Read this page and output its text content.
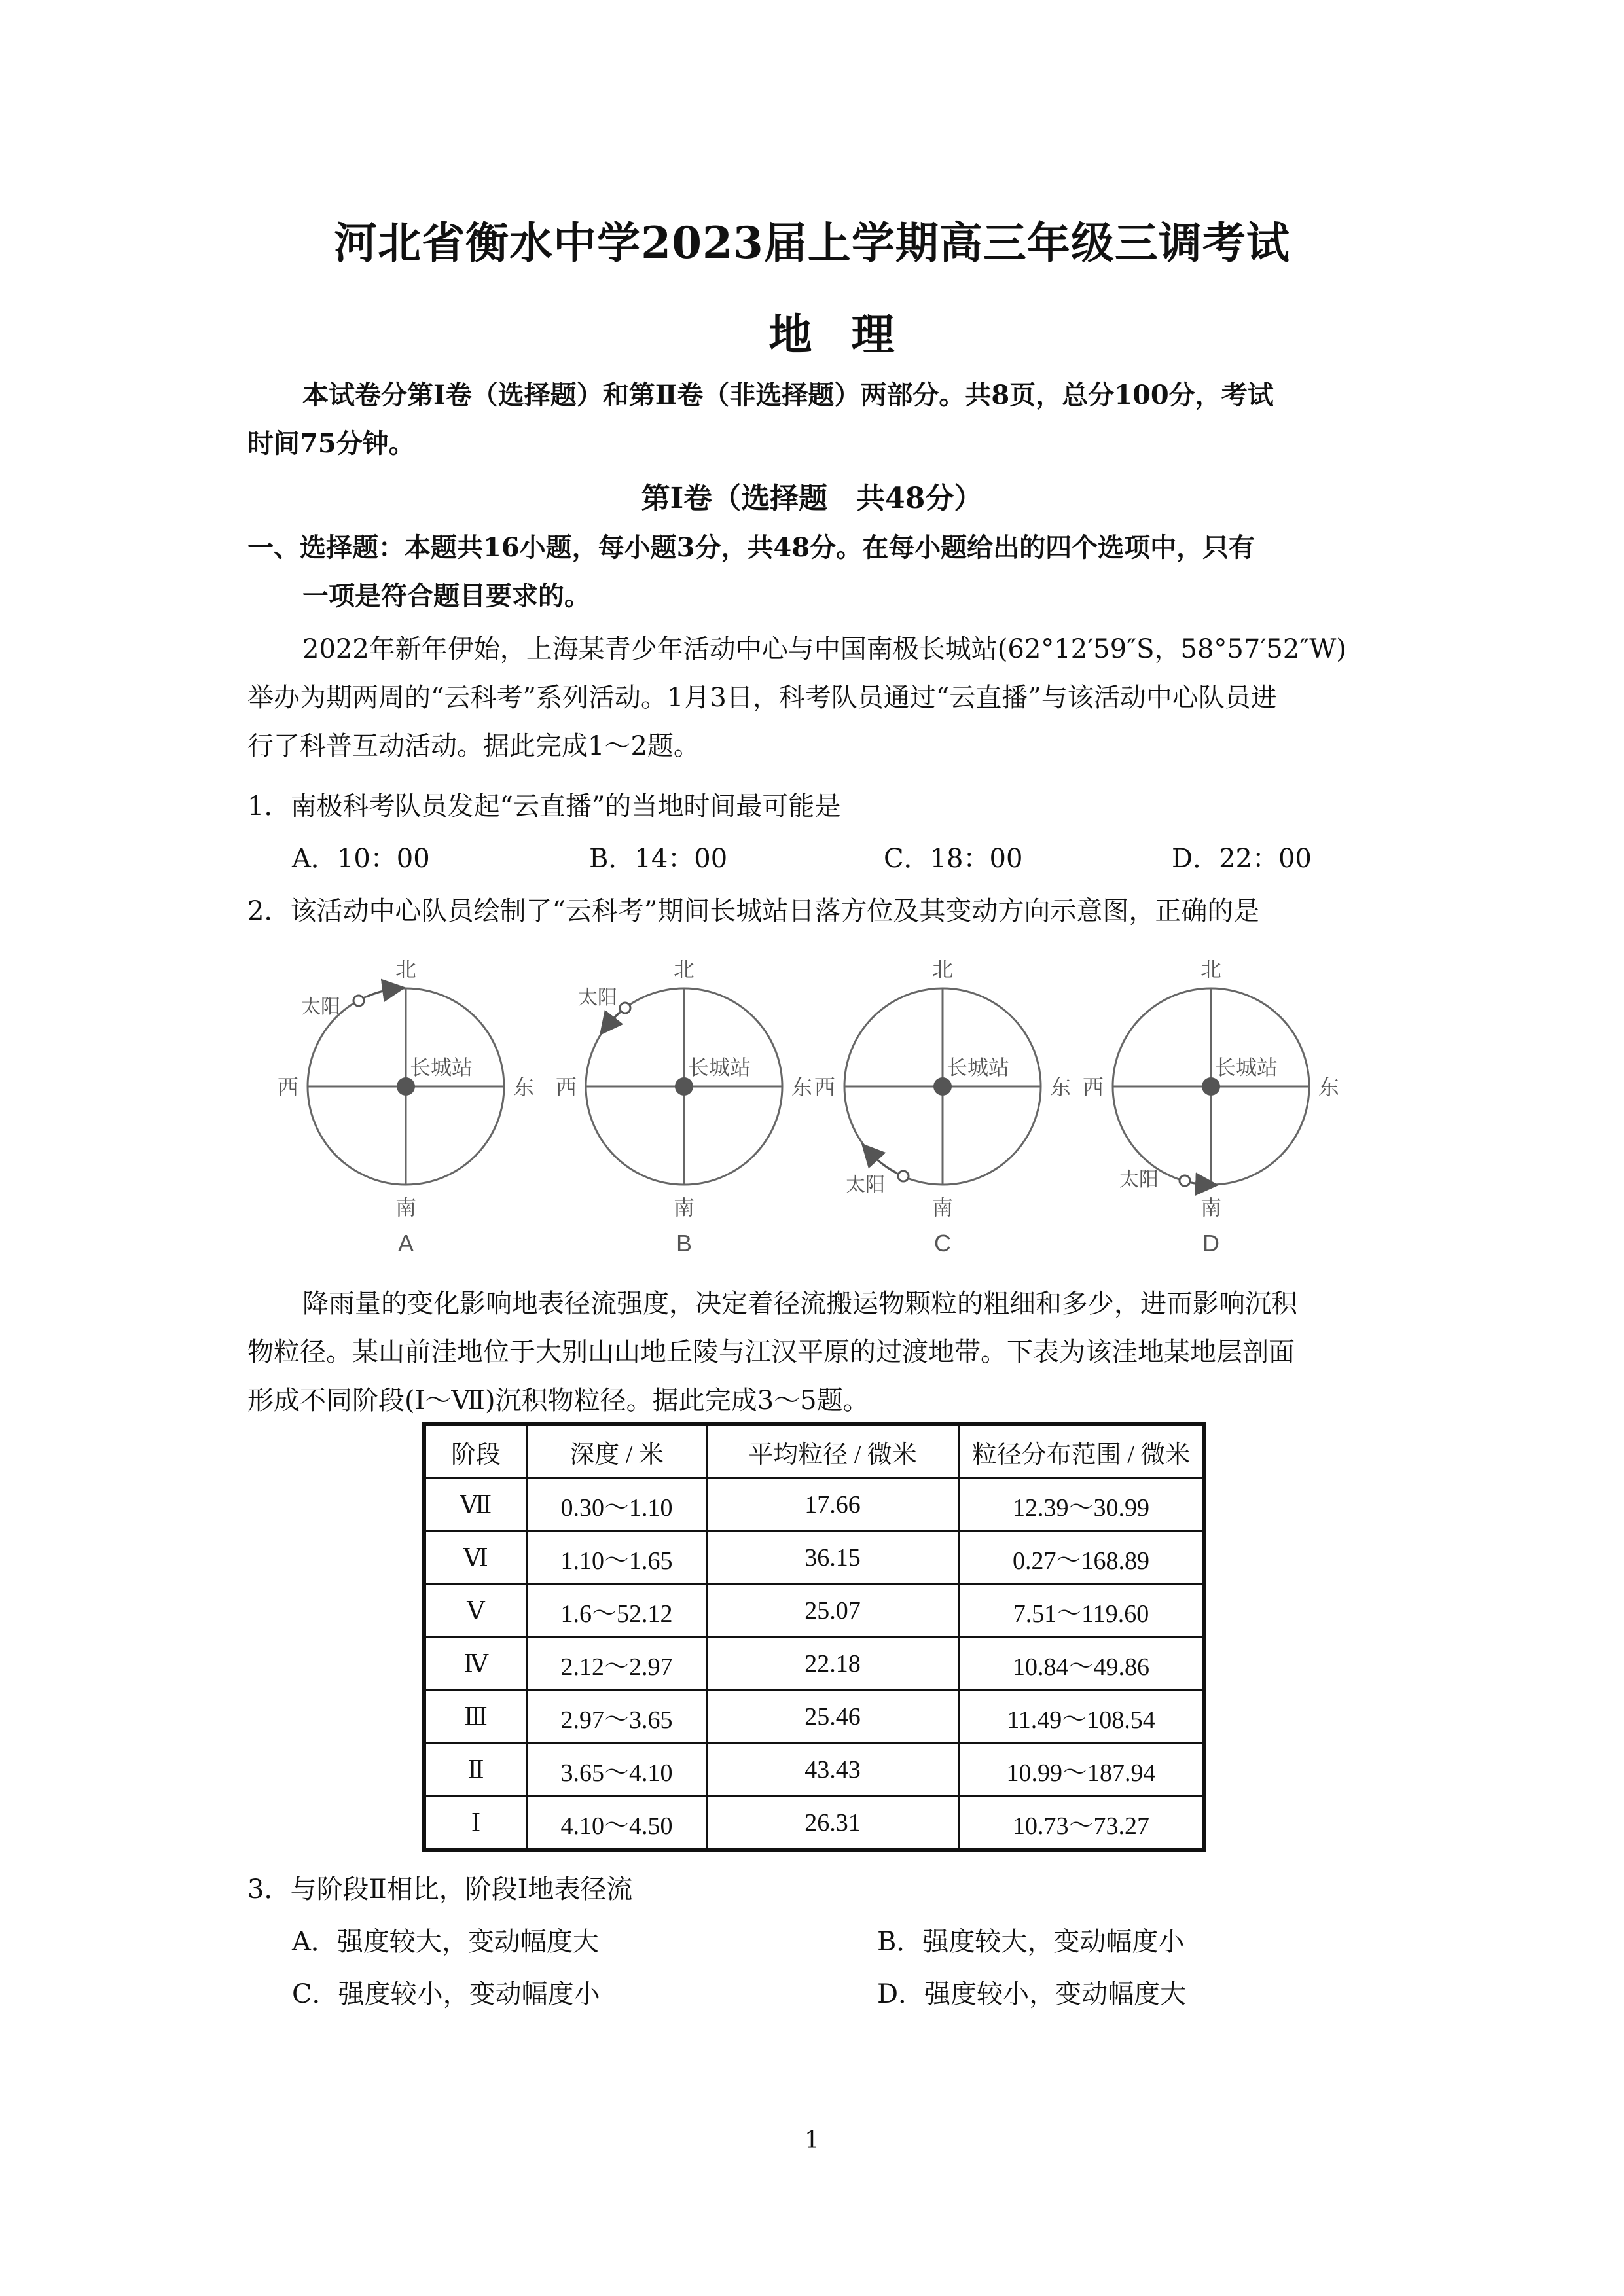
河北省衡水中学2023届上学期高三年级三调考试
地理
本试卷分第Ⅰ卷（选择题）和第Ⅱ卷（非选择题）两部分。共8页，总分100分，考试
时间75分钟。
第Ⅰ卷（选择题　共48分）
一、选择题：本题共16小题，每小题3分，共48分。在每小题给出的四个选项中，只有
一项是符合题目要求的。
2022年新年伊始，上海某青少年活动中心与中国南极长城站(62°12′59″S，58°57′52″W)
举办为期两周的“云科考”系列活动。1月3日，科考队员通过“云直播”与该活动中心队员进
行了科普互动活动。据此完成1～2题。
1．南极科考队员发起“云直播”的当地时间最可能是
A．10：00	B．14：00	C．18：00	D．22：00
2．该活动中心队员绘制了“云科考”期间长城站日落方位及其变动方向示意图，正确的是
北
南
西	东
长城站
太阳
A
北
南
西	东
长城站
太阳
B
北
南
西	东
长城站
太阳
C
北
南
西	东
长城站
太阳
D
降雨量的变化影响地表径流强度，决定着径流搬运物颗粒的粗细和多少，进而影响沉积
物粒径。某山前洼地位于大别山山地丘陵与江汉平原的过渡地带。下表为该洼地某地层剖面
形成不同阶段(Ⅰ～Ⅶ)沉积物粒径。据此完成3～5题。
阶段	深度 / 米	平均粒径 / 微米	粒径分布范围 / 微米
Ⅶ	0.30～1.10	17.66	12.39～30.99
Ⅵ	1.10～1.65	36.15	0.27～168.89
Ⅴ	1.6～52.12	25.07	7.51～119.60
Ⅳ	2.12～2.97	22.18	10.84～49.86
Ⅲ	2.97～3.65	25.46	11.49～108.54
Ⅱ	3.65～4.10	43.43	10.99～187.94
Ⅰ	4.10～4.50	26.31	10.73～73.27
3．与阶段Ⅱ相比，阶段Ⅰ地表径流
A．强度较大，变动幅度大	B．强度较大，变动幅度小
C．强度较小，变动幅度小	D．强度较小，变动幅度大
1
